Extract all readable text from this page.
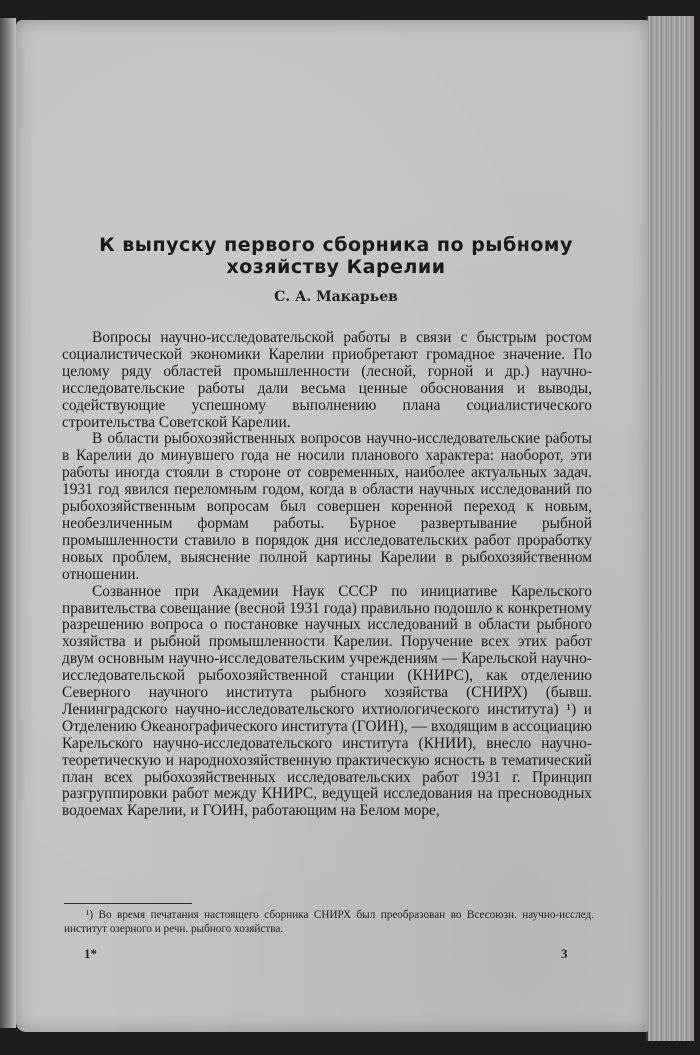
К выпуску первого сборника по рыбному хозяйству Карелии

С. А. Макарьев

Вопросы научно-исследовательской работы в связи с быстрым ростом социалистической экономики Карелии приобретают громадное значение. По целому ряду областей промышленности (лесной, горной и др.) научно-исследовательские работы дали весьма ценные обоснования и выводы, содействующие успешному выполнению плана социалистического строительства Советской Карелии.

В области рыбохозяйственных вопросов научно-исследовательские работы в Карелии до минувшего года не носили планового характера: наоборот, эти работы иногда стояли в стороне от современных, наиболее актуальных задач. 1931 год явился переломным годом, когда в области научных исследований по рыбохозяйственным вопросам был совершен коренной переход к новым, необезличенным формам работы. Бурное развертывание рыбной промышленности ставило в порядок дня исследовательских работ проработку новых проблем, выяснение полной картины Карелии в рыбохозяйственном отношении.

Созванное при Академии Наук СССР по инициативе Карельского правительства совещание (весной 1931 года) правильно подошло к конкретному разрешению вопроса о постановке научных исследований в области рыбного хозяйства и рыбной промышленности Карелии. Поручение всех этих работ двум основным научно-исследовательским учреждениям — Карельской научно-исследовательской рыбохозяйственной станции (КНИРС), как отделению Северного научного института рыбного хозяйства (СНИРХ) (бывш. Ленинградского научно-исследовательского ихтиологического института) ¹) и Отделению Океанографического института (ГОИН), — входящим в ассоциацию Карельского научно-исследовательского института (КНИИ), внесло научно-теоретическую и народнохозяйственную практическую ясность в тематический план всех рыбохозяйственных исследовательских работ 1931 г. Принцип разгруппировки работ между КНИРС, ведущей исследования на пресноводных водоемах Карелии, и ГОИН, работающим на Белом море,

¹) Во время печатания настоящего сборника СНИРХ был преобразован во Всесоюзн. научно-исслед. институт озерного и речн. рыбного хозяйства.

1*	3
